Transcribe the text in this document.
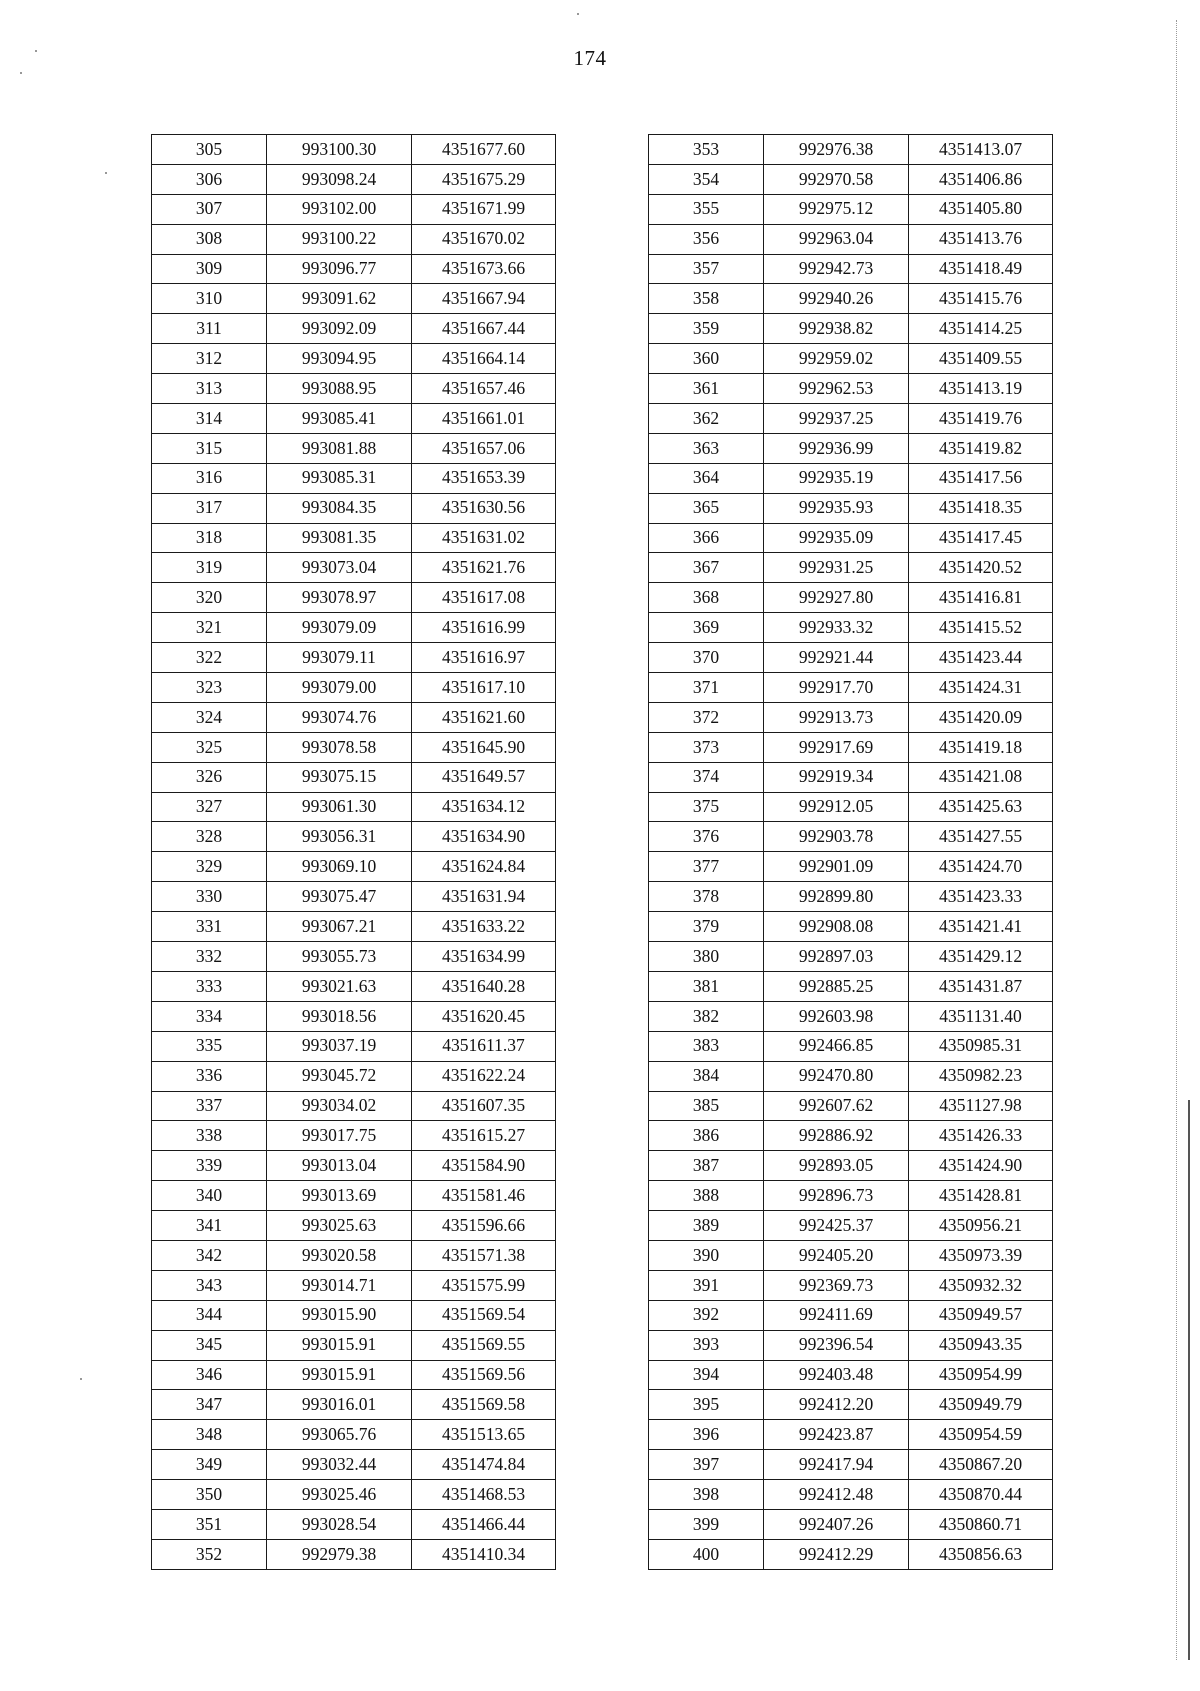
174
305	993100.30	4351677.60
306	993098.24	4351675.29
307	993102.00	4351671.99
308	993100.22	4351670.02
309	993096.77	4351673.66
310	993091.62	4351667.94
311	993092.09	4351667.44
312	993094.95	4351664.14
313	993088.95	4351657.46
314	993085.41	4351661.01
315	993081.88	4351657.06
316	993085.31	4351653.39
317	993084.35	4351630.56
318	993081.35	4351631.02
319	993073.04	4351621.76
320	993078.97	4351617.08
321	993079.09	4351616.99
322	993079.11	4351616.97
323	993079.00	4351617.10
324	993074.76	4351621.60
325	993078.58	4351645.90
326	993075.15	4351649.57
327	993061.30	4351634.12
328	993056.31	4351634.90
329	993069.10	4351624.84
330	993075.47	4351631.94
331	993067.21	4351633.22
332	993055.73	4351634.99
333	993021.63	4351640.28
334	993018.56	4351620.45
335	993037.19	4351611.37
336	993045.72	4351622.24
337	993034.02	4351607.35
338	993017.75	4351615.27
339	993013.04	4351584.90
340	993013.69	4351581.46
341	993025.63	4351596.66
342	993020.58	4351571.38
343	993014.71	4351575.99
344	993015.90	4351569.54
345	993015.91	4351569.55
346	993015.91	4351569.56
347	993016.01	4351569.58
348	993065.76	4351513.65
349	993032.44	4351474.84
350	993025.46	4351468.53
351	993028.54	4351466.44
352	992979.38	4351410.34
353	992976.38	4351413.07
354	992970.58	4351406.86
355	992975.12	4351405.80
356	992963.04	4351413.76
357	992942.73	4351418.49
358	992940.26	4351415.76
359	992938.82	4351414.25
360	992959.02	4351409.55
361	992962.53	4351413.19
362	992937.25	4351419.76
363	992936.99	4351419.82
364	992935.19	4351417.56
365	992935.93	4351418.35
366	992935.09	4351417.45
367	992931.25	4351420.52
368	992927.80	4351416.81
369	992933.32	4351415.52
370	992921.44	4351423.44
371	992917.70	4351424.31
372	992913.73	4351420.09
373	992917.69	4351419.18
374	992919.34	4351421.08
375	992912.05	4351425.63
376	992903.78	4351427.55
377	992901.09	4351424.70
378	992899.80	4351423.33
379	992908.08	4351421.41
380	992897.03	4351429.12
381	992885.25	4351431.87
382	992603.98	4351131.40
383	992466.85	4350985.31
384	992470.80	4350982.23
385	992607.62	4351127.98
386	992886.92	4351426.33
387	992893.05	4351424.90
388	992896.73	4351428.81
389	992425.37	4350956.21
390	992405.20	4350973.39
391	992369.73	4350932.32
392	992411.69	4350949.57
393	992396.54	4350943.35
394	992403.48	4350954.99
395	992412.20	4350949.79
396	992423.87	4350954.59
397	992417.94	4350867.20
398	992412.48	4350870.44
399	992407.26	4350860.71
400	992412.29	4350856.63
